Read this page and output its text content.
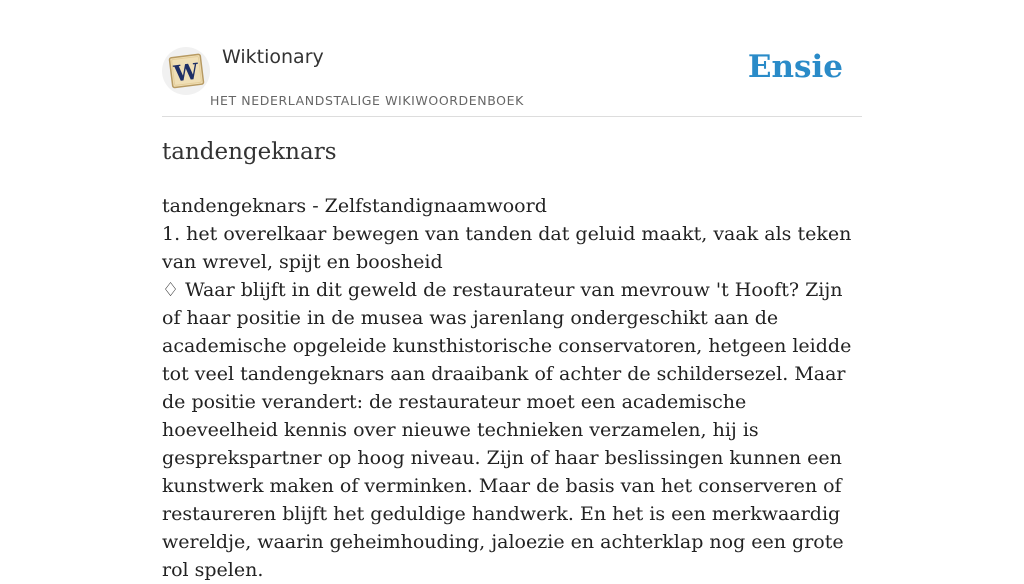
W
Wiktionary
HET NEDERLANDSTALIGE WIKIWOORDENBOEK
Ensie
tandengeknars

tandengeknars - Zelfstandignaamwoord

1. het overelkaar bewegen van tanden dat geluid maakt, vaak als teken van wrevel, spijt en boosheid

♢ Waar blijft in dit geweld de restaurateur van mevrouw 't Hooft? Zijn of haar positie in de musea was jarenlang ondergeschikt aan de academische opgeleide kunsthistorische conservatoren, hetgeen leidde tot veel tandengeknars aan draaibank of achter de schildersezel. Maar de positie verandert: de restaurateur moet een academische hoeveelheid kennis over nieuwe technieken verzamelen, hij is gesprekspartner op hoog niveau. Zijn of haar beslissingen kunnen een kunstwerk maken of verminken. Maar de basis van het conserveren of restaureren blijft het geduldige handwerk. En het is een merkwaardig wereldje, waarin geheimhouding, jaloezie en achterklap nog een grote rol spelen.
